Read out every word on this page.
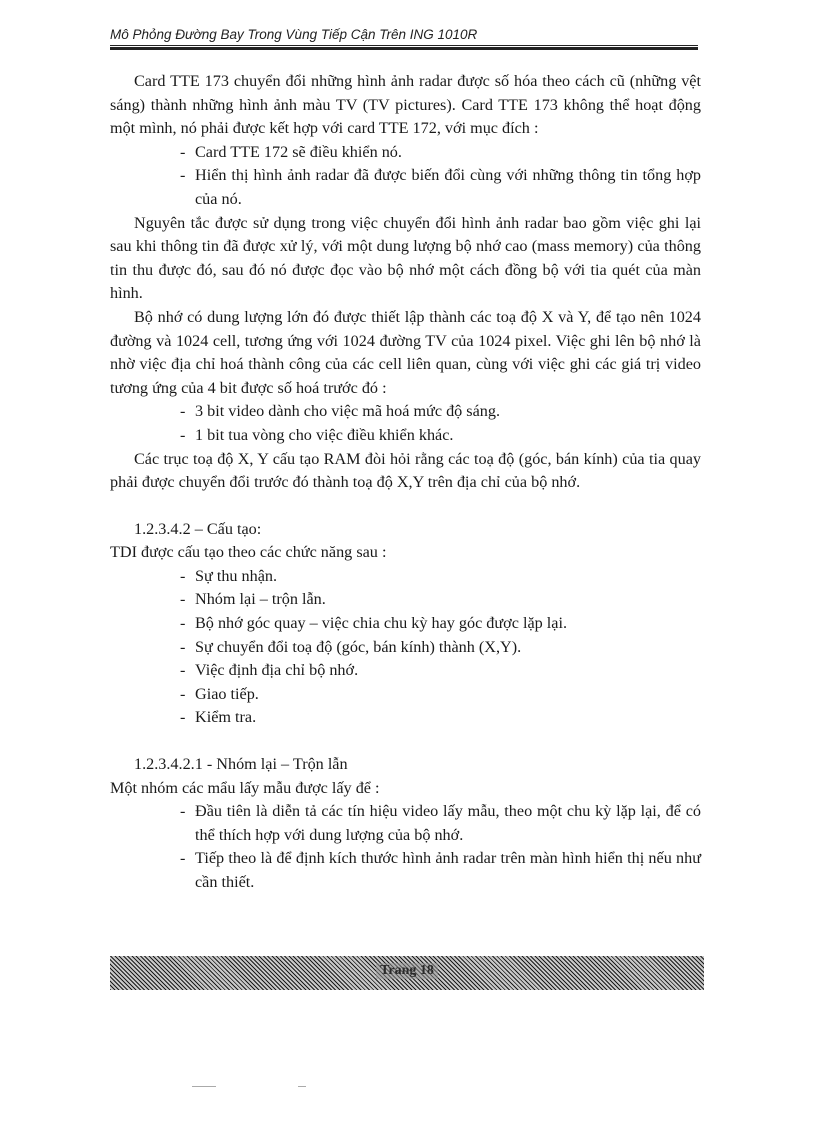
Mô Phỏng Đường Bay Trong Vùng Tiếp Cận Trên ING 1010R

Card TTE 173 chuyển đổi những hình ảnh radar được số hóa theo cách cũ (những vệt sáng) thành những hình ảnh màu TV (TV pictures). Card TTE 173 không thể hoạt động một mình, nó phải được kết hợp với card TTE 172, với mục đích :

- Card TTE 172 sẽ điều khiển nó.
- Hiển thị hình ảnh radar đã được biến đổi cùng với những thông tin tổng hợp của nó.

Nguyên tắc được sử dụng trong việc chuyển đổi hình ảnh radar bao gồm việc ghi lại sau khi thông tin đã được xử lý, với một dung lượng bộ nhớ cao (mass memory) của thông tin thu được đó, sau đó nó được đọc vào bộ nhớ một cách đồng bộ với tia quét của màn hình.

Bộ nhớ có dung lượng lớn đó được thiết lập thành các toạ độ X và Y, để tạo nên 1024 đường và 1024 cell, tương ứng với 1024 đường TV của 1024 pixel. Việc ghi lên bộ nhớ là nhờ việc địa chỉ hoá thành công của các cell liên quan, cùng với việc ghi các giá trị video tương ứng của 4 bit được số hoá trước đó :

- 3 bit video dành cho việc mã hoá mức độ sáng.
- 1 bit tua vòng cho việc điều khiển khác.

Các trục toạ độ X, Y cấu tạo RAM đòi hỏi rằng các toạ độ (góc, bán kính) của tia quay phải được chuyển đổi trước đó thành toạ độ X,Y trên địa chỉ của bộ nhớ.

1.2.3.4.2 – Cấu tạo:

TDI được cấu tạo theo các chức năng sau :

- Sự thu nhận.
- Nhóm lại – trộn lẫn.
- Bộ nhớ góc quay – việc chia chu kỳ hay góc được lặp lại.
- Sự chuyển đổi toạ độ (góc, bán kính) thành (X,Y).
- Việc định địa chỉ bộ nhớ.
- Giao tiếp.
- Kiểm tra.

1.2.3.4.2.1 - Nhóm lại – Trộn lẫn

Một nhóm các mẩu lấy mẫu được lấy để :

- Đầu tiên là diễn tả các tín hiệu video lấy mẫu, theo một chu kỳ lặp lại, để có thể thích hợp với dung lượng của bộ nhớ.
- Tiếp theo là để định kích thước hình ảnh radar trên màn hình hiển thị nếu như cần thiết.
Trang 18
